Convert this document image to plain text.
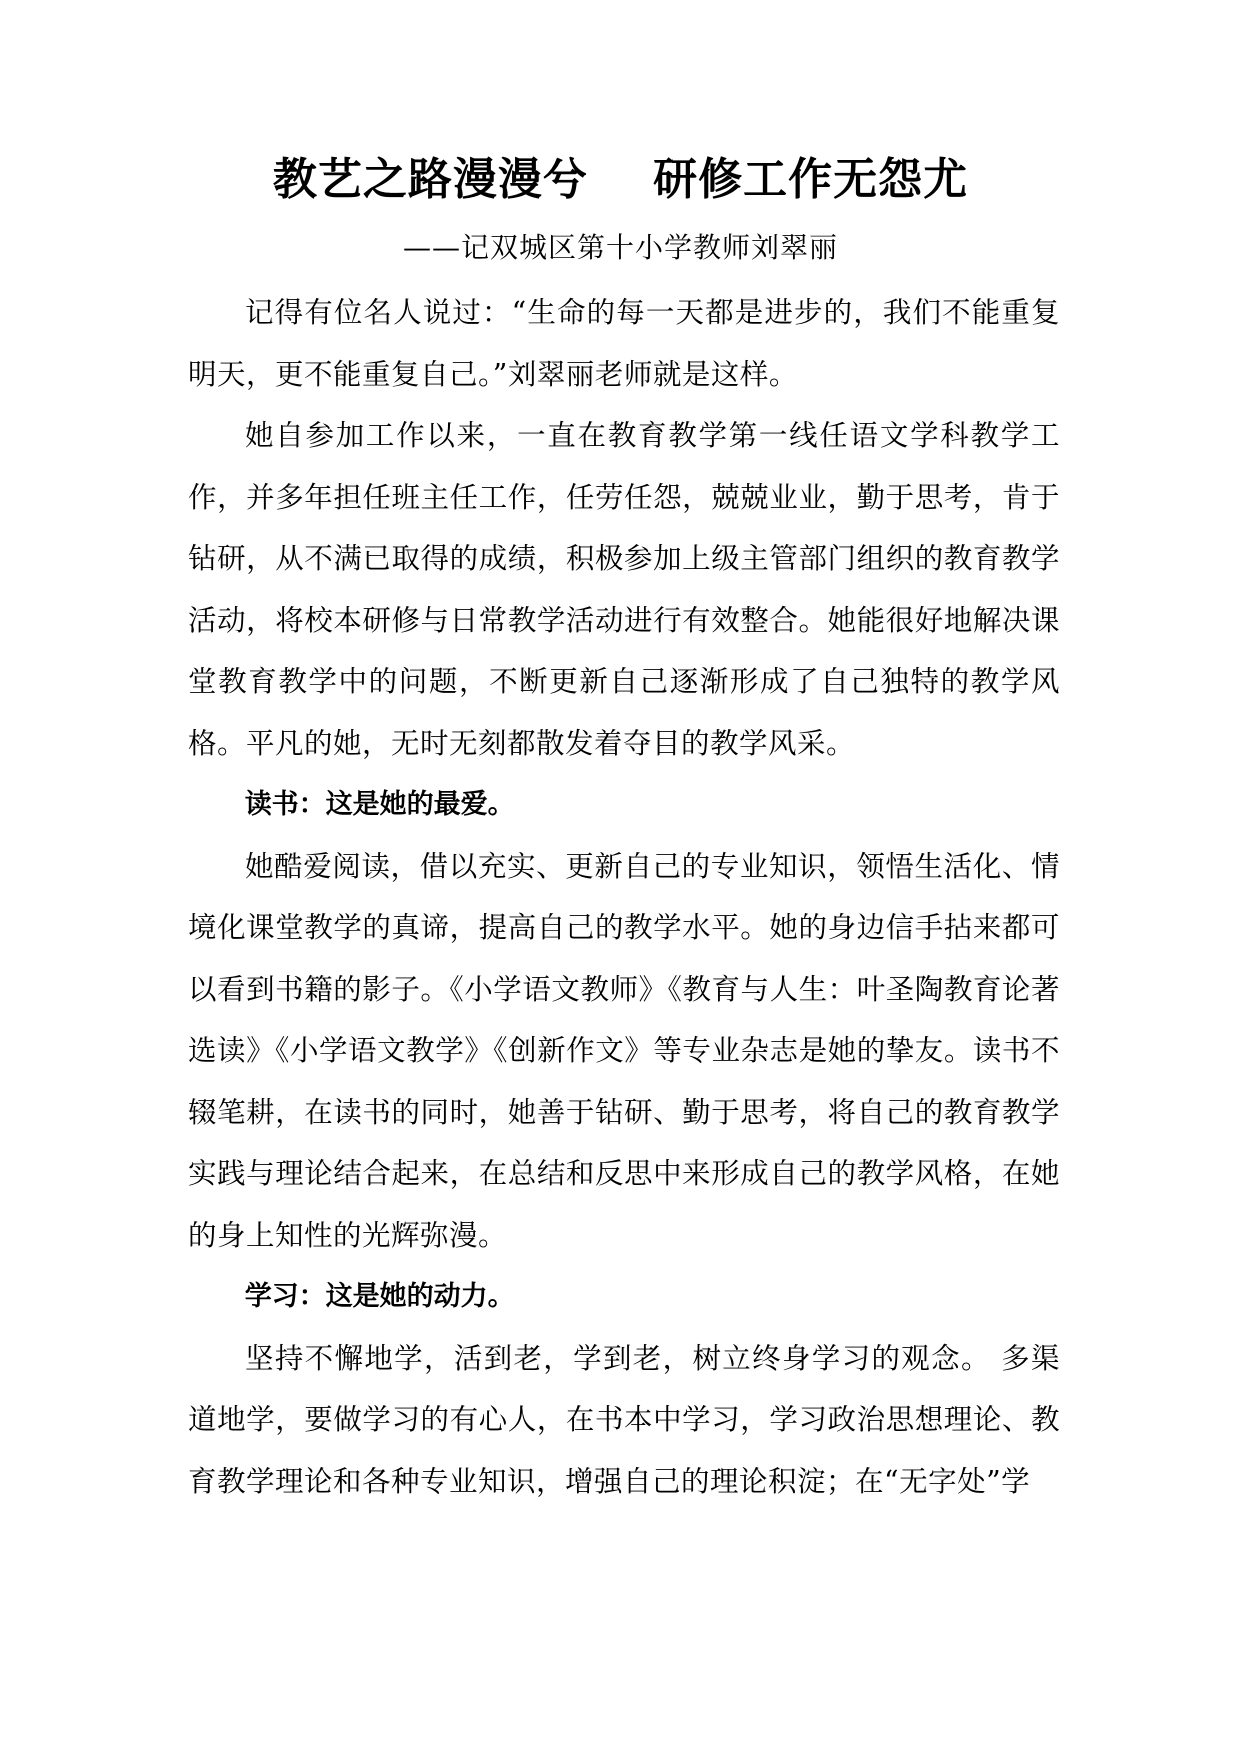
教艺之路漫漫兮    研修工作无怨尤
——记双城区第十小学教师刘翠丽

记得有位名人说过：“生命的每一天都是进步的，我们不能重复明天，更不能重复自己。”刘翠丽老师就是这样。

她自参加工作以来，一直在教育教学第一线任语文学科教学工作，并多年担任班主任工作，任劳任怨，兢兢业业，勤于思考，肯于钻研，从不满已取得的成绩，积极参加上级主管部门组织的教育教学活动，将校本研修与日常教学活动进行有效整合。她能很好地解决课堂教育教学中的问题，不断更新自己逐渐形成了自己独特的教学风格。平凡的她，无时无刻都散发着夺目的教学风采。

读书：这是她的最爱。

她酷爱阅读，借以充实、更新自己的专业知识，领悟生活化、情境化课堂教学的真谛，提高自己的教学水平。她的身边信手拈来都可以看到书籍的影子。《小学语文教师》《教育与人生：叶圣陶教育论著选读》《小学语文教学》《创新作文》等专业杂志是她的挚友。读书不辍笔耕，在读书的同时，她善于钻研、勤于思考，将自己的教育教学实践与理论结合起来，在总结和反思中来形成自己的教学风格，在她的身上知性的光辉弥漫。

学习：这是她的动力。

坚持不懈地学，活到老，学到老，树立终身学习的观念。 多渠道地学，要做学习的有心人，在书本中学习，学习政治思想理论、教育教学理论和各种专业知识，增强自己的理论积淀；在“无字处”学
